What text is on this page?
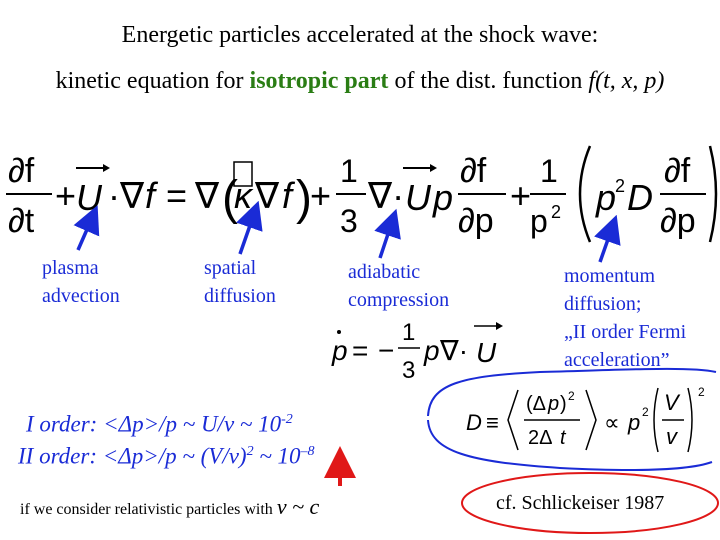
Energetic particles accelerated at the shock wave:
kinetic equation for isotropic part of the dist. function f(t, x, p)
∂f
∂t
+ U ·∇ f = ∇ (
κ ∇ f )
+
1
3
∇· U p
∂f
∂p
+
1
p 2 p
2 D
∂f
∂p
plasma
advection
spatial
diffusion
adiabatic
compression
momentum
diffusion;
„II order Fermi
acceleration”
p = −
1
3
p ∇· U
D ≡
(Δ p ) 2
2Δ t
∝ p 2 V
v
2
I order: <Δp>/p ~ U/v ~ $10^{-2}$
II order: <Δp>/p ~ $(V/v)^2$ ~ $10^{-8}$
if we consider relativistic particles with v ~ c	cf. Schlickeiser 1987
